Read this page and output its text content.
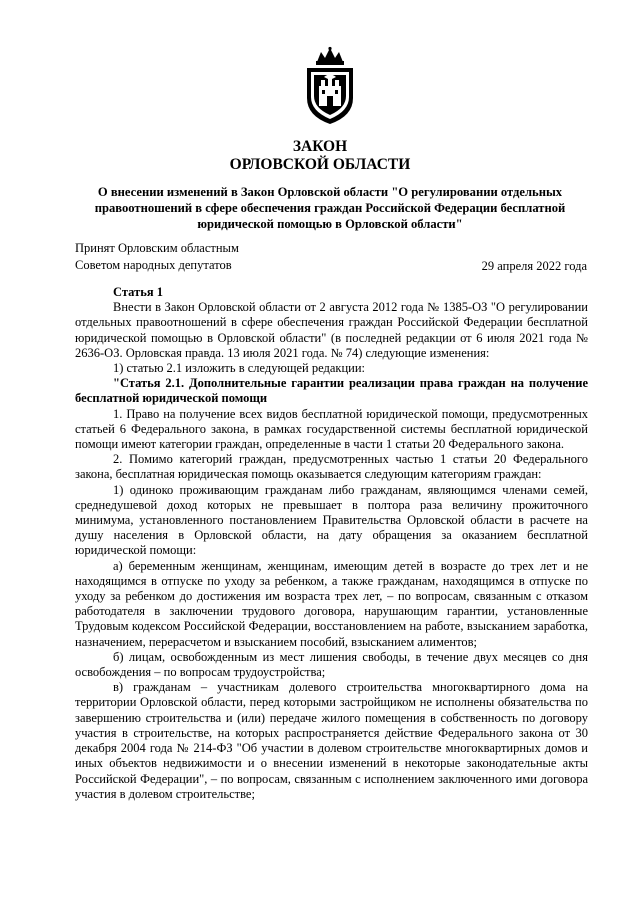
ЗАКОН
ОРЛОВСКОЙ ОБЛАСТИ
О внесении изменений в Закон Орловской области "О регулировании отдельных правоотношений в сфере обеспечения граждан Российской Федерации бесплатной юридической помощью в Орловской области"
Принят Орловским областным
Советом народных депутатов	29 апреля 2022 года

Статья 1

Внести в Закон Орловской области от 2 августа 2012 года № 1385-ОЗ "О регулировании отдельных правоотношений в сфере обеспечения граждан Российской Федерации бесплатной юридической помощью в Орловской области" (в последней редакции от 6 июля 2021 года № 2636-ОЗ. Орловская правда. 13 июля 2021 года. № 74) следующие изменения:

1) статью 2.1 изложить в следующей редакции:

"Статья 2.1. Дополнительные гарантии реализации права граждан на получение бесплатной юридической помощи

1. Право на получение всех видов бесплатной юридической помощи, предусмотренных статьей 6 Федерального закона, в рамках государственной системы бесплатной юридической помощи имеют категории граждан, определенные в части 1 статьи 20 Федерального закона.

2. Помимо категорий граждан, предусмотренных частью 1 статьи 20 Федерального закона, бесплатная юридическая помощь оказывается следующим категориям граждан:

1) одиноко проживающим гражданам либо гражданам, являющимся членами семей, среднедушевой доход которых не превышает в полтора раза величину прожиточного минимума, установленного постановлением Правительства Орловской области в расчете на душу населения в Орловской области, на дату обращения за оказанием бесплатной юридической помощи:

а) беременным женщинам, женщинам, имеющим детей в возрасте до трех лет и не находящимся в отпуске по уходу за ребенком, а также гражданам, находящимся в отпуске по уходу за ребенком до достижения им возраста трех лет, – по вопросам, связанным с отказом работодателя в заключении трудового договора, нарушающим гарантии, установленные Трудовым кодексом Российской Федерации, восстановлением на работе, взысканием заработка, назначением, перерасчетом и взысканием пособий, взысканием алиментов;

б) лицам, освобожденным из мест лишения свободы, в течение двух месяцев со дня освобождения – по вопросам трудоустройства;

в) гражданам – участникам долевого строительства многоквартирного дома на территории Орловской области, перед которыми застройщиком не исполнены обязательства по завершению строительства и (или) передаче жилого помещения в собственность по договору участия в строительстве, на которых распространяется действие Федерального закона от 30 декабря 2004 года № 214-ФЗ "Об участии в долевом строительстве многоквартирных домов и иных объектов недвижимости и о внесении изменений в некоторые законодательные акты Российской Федерации", – по вопросам, связанным с исполнением заключенного ими договора участия в долевом строительстве;
